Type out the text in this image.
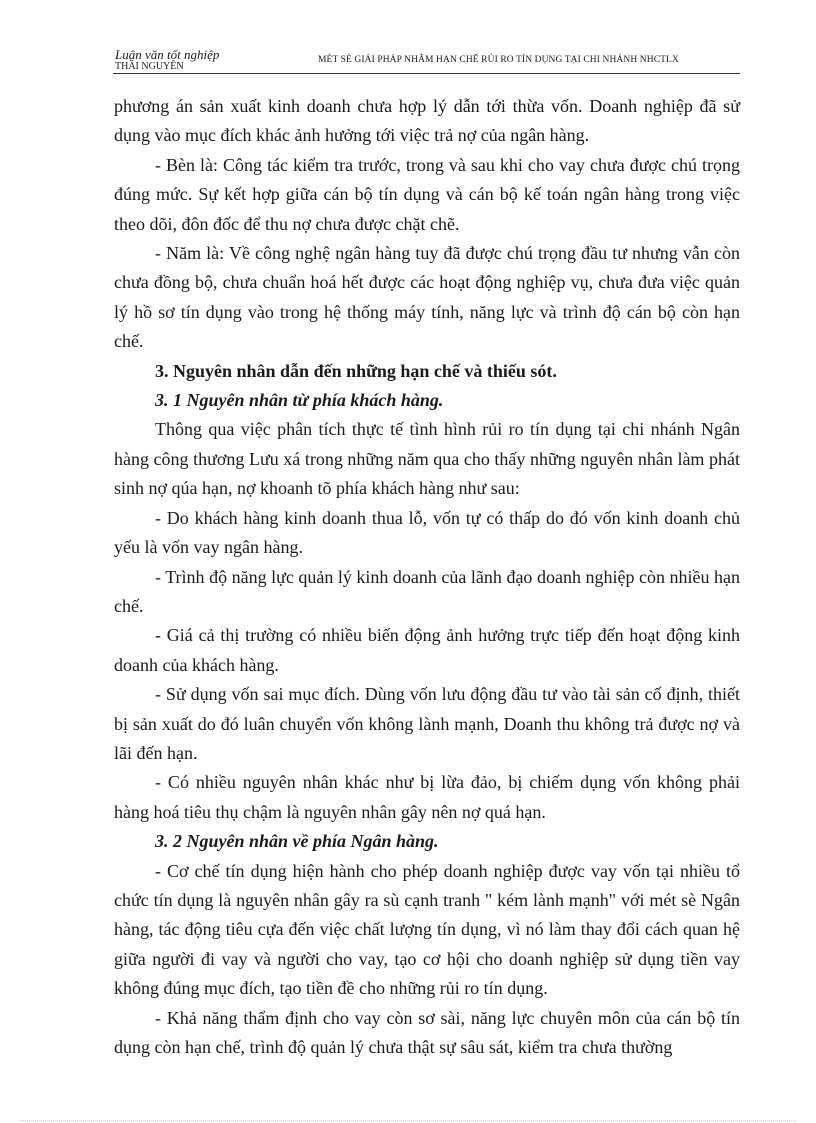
Luận văn tốt nghiệp
THÁI NGUYÊN
MÉT SÈ GIẢI PHÁP NHẰM HẠN CHẾ RỦI RO TÍN DỤNG TẠI CHI NHÁNH NHCTLX

phương án sản xuất kinh doanh chưa hợp lý dẫn tới thừa vốn. Doanh nghiệp đã sử dụng vào mục đích khác ảnh hưởng tới việc trả nợ của ngân hàng.

- Bèn là: Công tác kiểm tra trước, trong và sau khi cho vay chưa được chú trọng đúng mức. Sự kết hợp giữa cán bộ tín dụng và cán bộ kế toán ngân hàng trong việc theo dõi, đôn đốc để thu nợ chưa được chặt chẽ.

- Năm là: Về công nghệ ngân hàng tuy đã được chú trọng đầu tư nhưng vẫn còn chưa đồng bộ, chưa chuẩn hoá hết được các hoạt động nghiệp vụ, chưa đưa việc quản lý hồ sơ tín dụng vào trong hệ thống máy tính, năng lực và trình độ cán bộ còn hạn chế.

3. Nguyên nhân dẫn đến những hạn chế và thiếu sót.

3. 1 Nguyên nhân từ phía khách hàng.

Thông qua việc phân tích thực tế tình hình rủi ro tín dụng tại chi nhánh Ngân hàng công thương Lưu xá trong những năm qua cho thấy những nguyên nhân làm phát sinh nợ qúa hạn, nợ khoanh tõ phía khách hàng như sau:

- Do khách hàng kinh doanh thua lỗ, vốn tự có thấp do đó vốn kinh doanh chủ yếu là vốn vay ngân hàng.

- Trình độ năng lực quản lý kinh doanh của lãnh đạo doanh nghiệp còn nhiều hạn chế.

- Giá cả thị trường có nhiều biến động ảnh hưởng trực tiếp đến hoạt động kinh doanh của khách hàng.

- Sử dụng vốn sai mục đích. Dùng vốn lưu động đầu tư vào tài sản cố định, thiết bị sản xuất do đó luân chuyển vốn không lành mạnh, Doanh thu không trả được nợ và lãi đến hạn.

- Có nhiều nguyên nhân khác như bị lừa đảo, bị chiếm dụng vốn không phải hàng hoá tiêu thụ chậm là nguyên nhân gây nên nợ quá hạn.

3. 2 Nguyên nhân về phía Ngân hàng.

- Cơ chế tín dụng hiện hành cho phép doanh nghiệp được vay vốn tại nhiều tổ chức tín dụng là nguyên nhân gây ra sù cạnh tranh " kém lành mạnh" với mét sè Ngân hàng, tác động tiêu cựa đến việc chất lượng tín dụng, vì nó làm thay đổi cách quan hệ giữa người đi vay và người cho vay, tạo cơ hội cho doanh nghiệp sử dụng tiền vay không đúng mục đích, tạo tiền đề cho những rủi ro tín dụng.

- Khả năng thẩm định cho vay còn sơ sài, năng lực chuyên môn của cán bộ tín dụng còn hạn chế, trình độ quản lý chưa thật sự sâu sát, kiểm tra chưa thường
